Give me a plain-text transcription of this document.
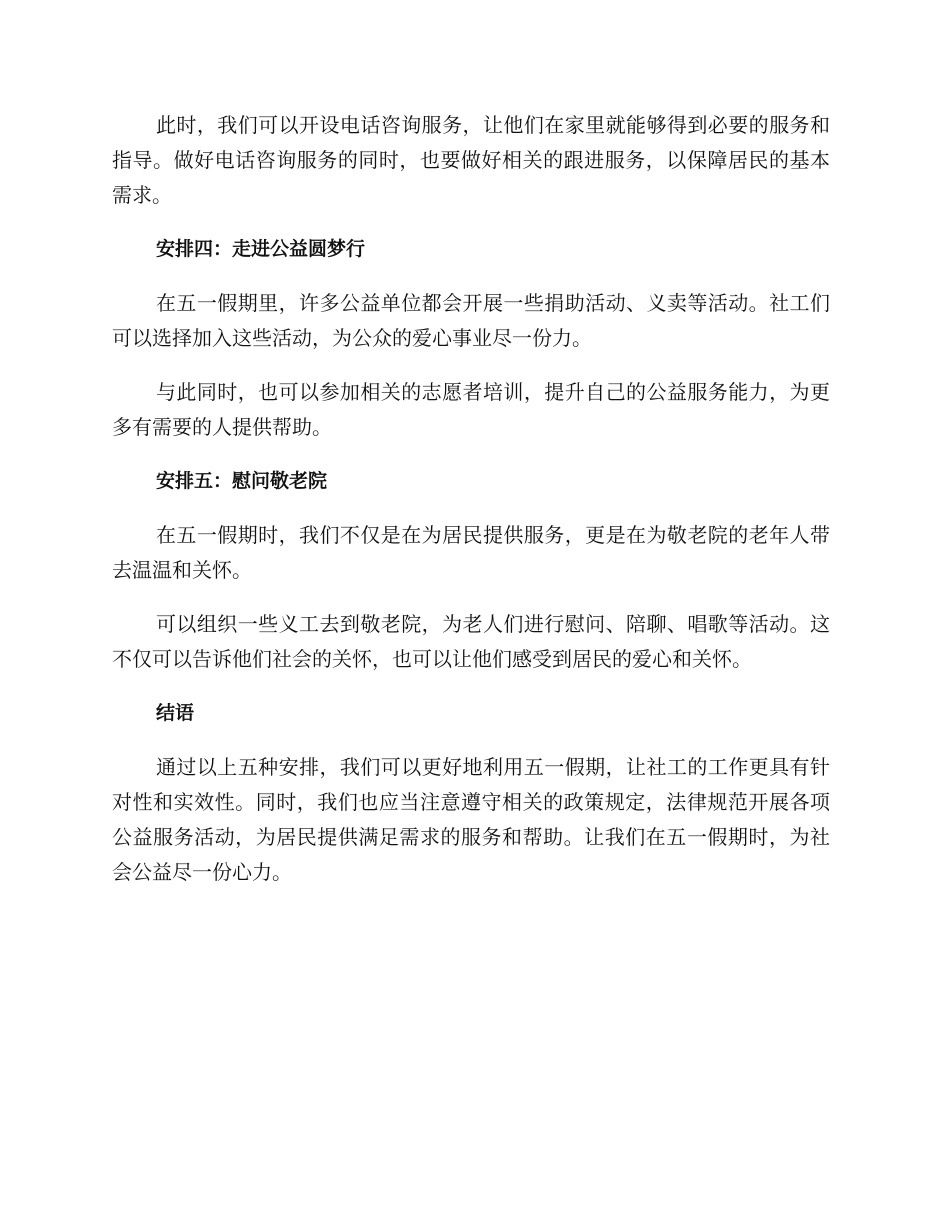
此时，我们可以开设电话咨询服务，让他们在家里就能够得到必要的服务和指导。做好电话咨询服务的同时，也要做好相关的跟进服务，以保障居民的基本需求。

安排四：走进公益圆梦行

在五一假期里，许多公益单位都会开展一些捐助活动、义卖等活动。社工们可以选择加入这些活动，为公众的爱心事业尽一份力。

与此同时，也可以参加相关的志愿者培训，提升自己的公益服务能力，为更多有需要的人提供帮助。

安排五：慰问敬老院

在五一假期时，我们不仅是在为居民提供服务，更是在为敬老院的老年人带去温温和关怀。

可以组织一些义工去到敬老院，为老人们进行慰问、陪聊、唱歌等活动。这不仅可以告诉他们社会的关怀，也可以让他们感受到居民的爱心和关怀。

结语

通过以上五种安排，我们可以更好地利用五一假期，让社工的工作更具有针对性和实效性。同时，我们也应当注意遵守相关的政策规定，法律规范开展各项公益服务活动，为居民提供满足需求的服务和帮助。让我们在五一假期时，为社会公益尽一份心力。
